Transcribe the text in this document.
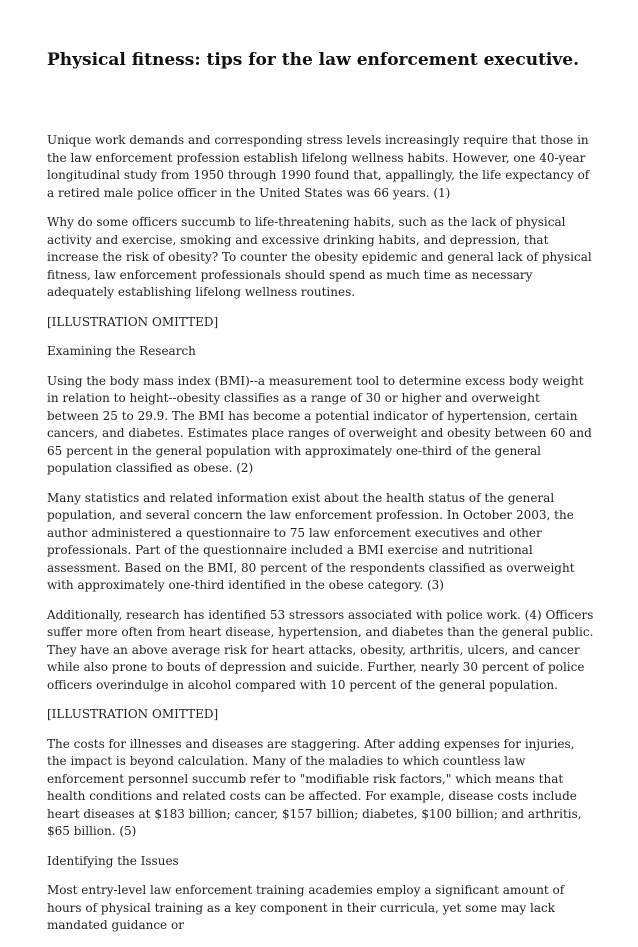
Physical fitness: tips for the law enforcement executive.

Unique work demands and corresponding stress levels increasingly require that those in the law enforcement profession establish lifelong wellness habits. However, one 40-year longitudinal study from 1950 through 1990 found that, appallingly, the life expectancy of a retired male police officer in the United States was 66 years. (1)

Why do some officers succumb to life-threatening habits, such as the lack of physical activity and exercise, smoking and excessive drinking habits, and depression, that increase the risk of obesity? To counter the obesity epidemic and general lack of physical fitness, law enforcement professionals should spend as much time as necessary adequately establishing lifelong wellness routines.

[ILLUSTRATION OMITTED]

Examining the Research

Using the body mass index (BMI)--a measurement tool to determine excess body weight in relation to height--obesity classifies as a range of 30 or higher and overweight between 25 to 29.9. The BMI has become a potential indicator of hypertension, certain cancers, and diabetes. Estimates place ranges of overweight and obesity between 60 and 65 percent in the general population with approximately one-third of the general population classified as obese. (2)

Many statistics and related information exist about the health status of the general population, and several concern the law enforcement profession. In October 2003, the author administered a questionnaire to 75 law enforcement executives and other professionals. Part of the questionnaire included a BMI exercise and nutritional assessment. Based on the BMI, 80 percent of the respondents classified as overweight with approximately one-third identified in the obese category. (3)

Additionally, research has identified 53 stressors associated with police work. (4) Officers suffer more often from heart disease, hypertension, and diabetes than the general public. They have an above average risk for heart attacks, obesity, arthritis, ulcers, and cancer while also prone to bouts of depression and suicide. Further, nearly 30 percent of police officers overindulge in alcohol compared with 10 percent of the general population.

[ILLUSTRATION OMITTED]

The costs for illnesses and diseases are staggering. After adding expenses for injuries, the impact is beyond calculation. Many of the maladies to which countless law enforcement personnel succumb refer to "modifiable risk factors," which means that health conditions and related costs can be affected. For example, disease costs include heart diseases at $183 billion; cancer, $157 billion; diabetes, $100 billion; and arthritis, $65 billion. (5)

Identifying the Issues

Most entry-level law enforcement training academies employ a significant amount of hours of physical training as a key component in their curricula, yet some may lack mandated guidance or
